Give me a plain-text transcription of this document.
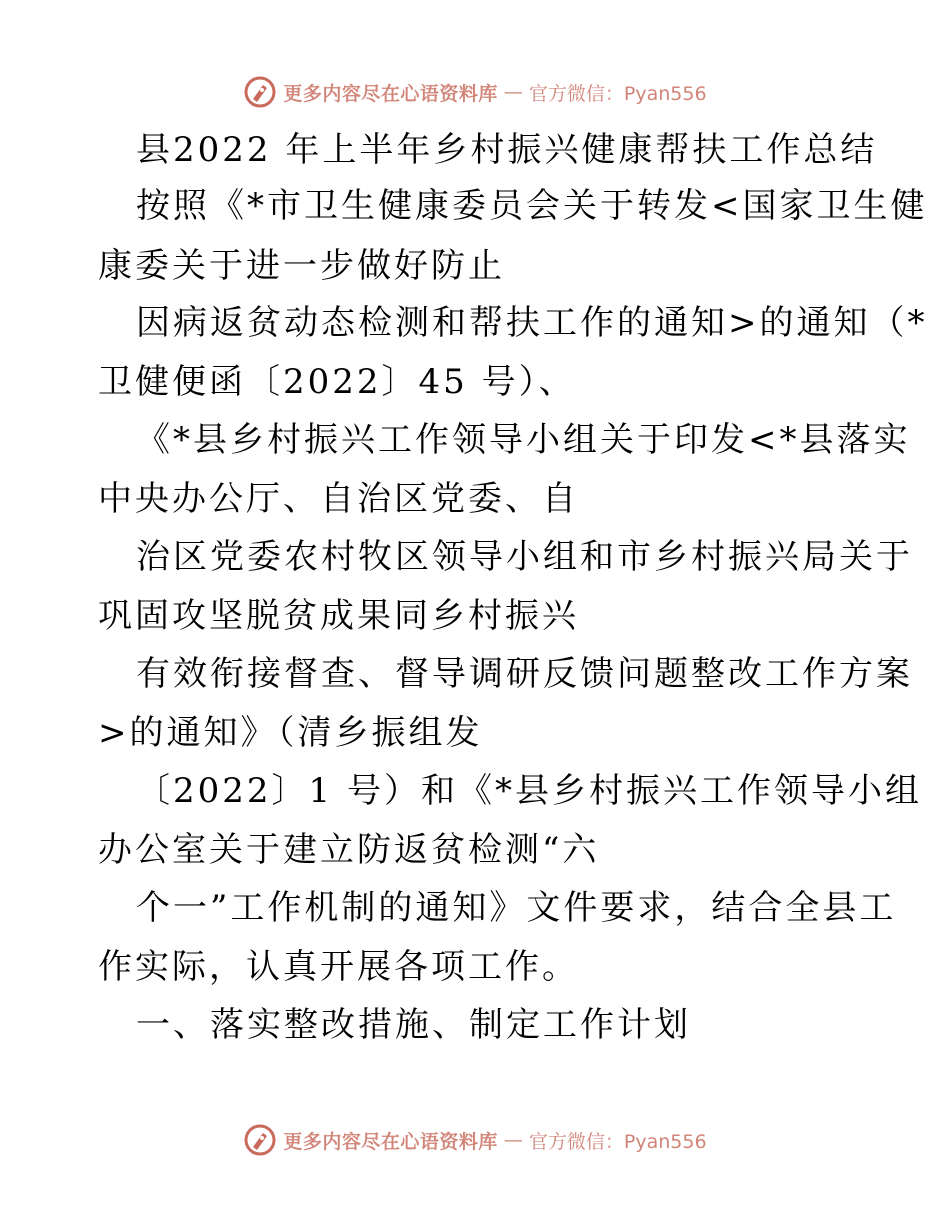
更多内容尽在心语资料库 — 官方微信：Pyan556
县2022 年上半年乡村振兴健康帮扶工作总结
按照《*市卫生健康委员会关于转发<国家卫生健
康委关于进一步做好防止
因病返贫动态检测和帮扶工作的通知>的通知（*
卫健便函〔2022〕45 号）、
《*县乡村振兴工作领导小组关于印发<*县落实
中央办公厅、自治区党委、自
治区党委农村牧区领导小组和市乡村振兴局关于
巩固攻坚脱贫成果同乡村振兴
有效衔接督查、督导调研反馈问题整改工作方案
>的通知》（清乡振组发
〔2022〕1 号）和《*县乡村振兴工作领导小组
办公室关于建立防返贫检测“六
个一”工作机制的通知》文件要求，结合全县工
作实际，认真开展各项工作。
一、落实整改措施、制定工作计划
更多内容尽在心语资料库 — 官方微信：Pyan556
